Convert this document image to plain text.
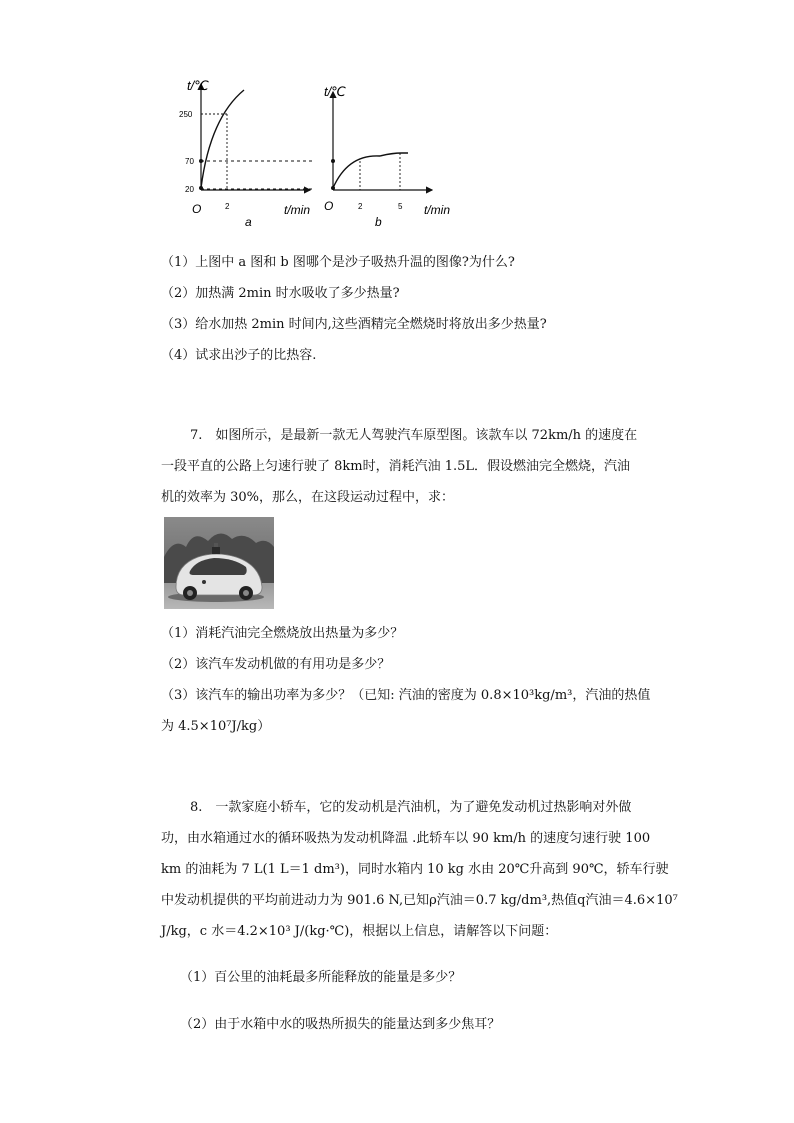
t/℃
250
70
20
O	2	t/min
a
t/℃
O	2	5 t/min
b
（1）上图中 a 图和 b 图哪个是沙子吸热升温的图像?为什么?
（2）加热满 2min 时水吸收了多少热量?
（3）给水加热 2min 时间内,这些酒精完全燃烧时将放出多少热量?
（4）试求出沙子的比热容.
7.　如图所示，是最新一款无人驾驶汽车原型图。该款车以 72km/h 的速度在
一段平直的公路上匀速行驶了 8km时，消耗汽油 1.5L．假设燃油完全燃烧，汽油
机的效率为 30%，那么，在这段运动过程中，求：
（1）消耗汽油完全燃烧放出热量为多少？
（2）该汽车发动机做的有用功是多少？
（3）该汽车的输出功率为多少？（已知: 汽油的密度为 0.8×10³kg/m³，汽油的热值
为 4.5×10⁷J/kg）
8.　一款家庭小轿车，它的发动机是汽油机，为了避免发动机过热影响对外做
功，由水箱通过水的循环吸热为发动机降温 .此轿车以 90 km/h 的速度匀速行驶 100
km 的油耗为 7 L(1 L＝1 dm³)，同时水箱内 10 kg 水由 20℃升高到 90℃，轿车行驶
中发动机提供的平均前进动力为 901.6 N,已知ρ汽油＝0.7 kg/dm³,热值q汽油＝4.6×10⁷
J/kg，c 水＝4.2×10³ J/(kg·℃)，根据以上信息，请解答以下问题：
（1）百公里的油耗最多所能释放的能量是多少？
（2）由于水箱中水的吸热所损失的能量达到多少焦耳？
